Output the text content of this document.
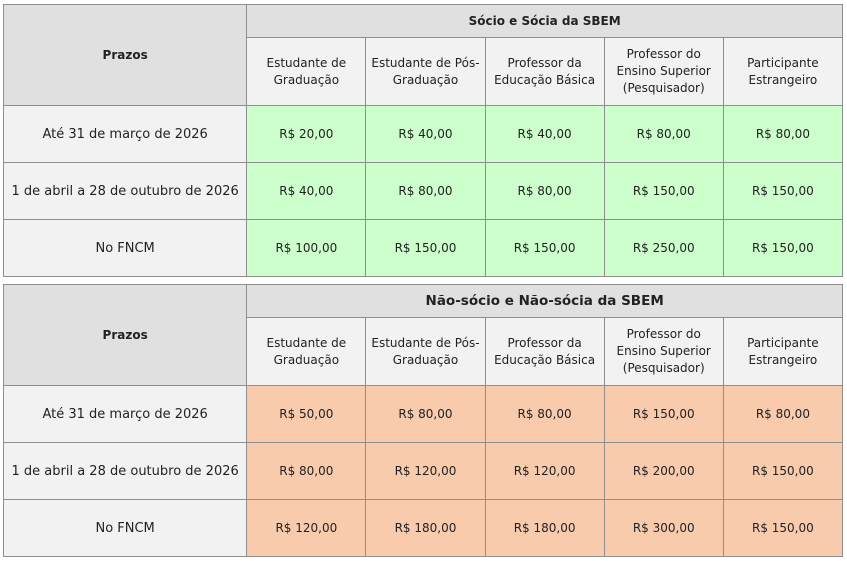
Prazos	Sócio e Sócia da SBEM				
	Estudante de Graduação	Estudante de Pós-Graduação	Professor da Educação Básica	Professor do Ensino Superior (Pesquisador)	Participante Estrangeiro
Até 31 de março de 2026	R$ 20,00	R$ 40,00	R$ 40,00	R$ 80,00	R$ 80,00
1 de abril a 28 de outubro de 2026	R$ 40,00	R$ 80,00	R$ 80,00	R$ 150,00	R$ 150,00
No FNCM	R$ 100,00	R$ 150,00	R$ 150,00	R$ 250,00	R$ 150,00
Prazos	Não-sócio e Não-sócia da SBEM				
	Estudante de Graduação	Estudante de Pós-Graduação	Professor da Educação Básica	Professor do Ensino Superior (Pesquisador)	Participante Estrangeiro
Até 31 de março de 2026	R$ 50,00	R$ 80,00	R$ 80,00	R$ 150,00	R$ 80,00
1 de abril a 28 de outubro de 2026	R$ 80,00	R$ 120,00	R$ 120,00	R$ 200,00	R$ 150,00
No FNCM	R$ 120,00	R$ 180,00	R$ 180,00	R$ 300,00	R$ 150,00
